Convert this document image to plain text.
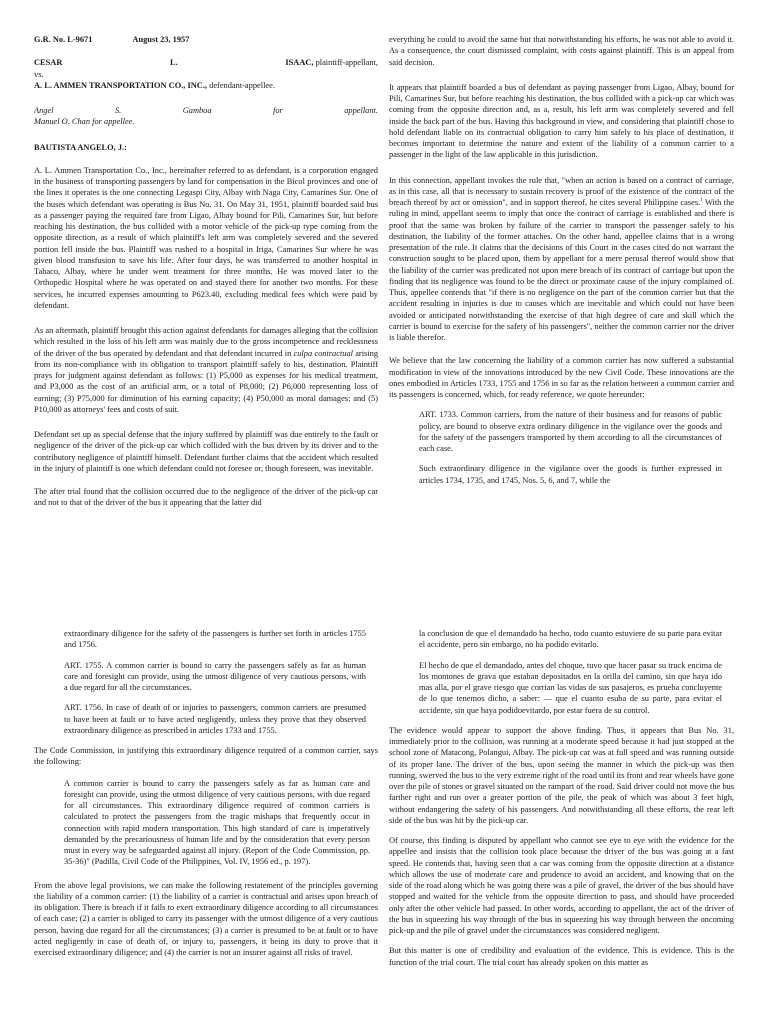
G.R. No. L-9671	August 23, 1957

CESAR	L.	ISAAC, plaintiff-appellant,

vs.

A. L. AMMEN TRANSPORTATION CO., INC., defendant-appellee.

Angel	S.	Gamboa	for	appellant.

Manuel O. Chan for appellee.

BAUTISTA ANGELO, J.:

A. L. Ammen Transportation Co., Inc., hereinafter referred to as defendant, is a corporation engaged in the business of transporting passengers by land for compensation in the Bicol provinces and one of the lines it operates is the one connecting Legaspi City, Albay with Naga City, Camarines Sur. One of the buses which defendant was operating is Bus No. 31. On May 31, 1951, plaintiff boarded said bus as a passenger paying the required fare from Ligao, Albay bound for Pili, Camarines Sur, but before reaching his destination, the bus collided with a motor vehicle of the pick-up type coming from the opposite direction, as a result of which plaintiff's left arm was completely severed and the severed portion fell inside the bus. Plaintiff was rushed to a hospital in Iriga, Camarines Sur where he was given blood transfusion to save his life. After four days, he was transferred to another hospital in Tabaco, Albay, where he under went treatment for three months. He was moved later to the Orthopedic Hospital where he was operated on and stayed there for another two months. For these services, he incurred expenses amounting to P623.40, excluding medical fees which were paid by defendant.

As an aftermath, plaintiff brought this action against defendants for damages alleging that the collision which resulted in the loss of his left arm was mainly due to the gross incompetence and recklessness of the driver of the bus operated by defendant and that defendant incurred in culpa contractual arising from its non-compliance with its obligation to transport plaintiff safely to his, destination. Plaintiff prays for judgment against defendant as follows: (1) P5,000 as expenses for his medical treatment, and P3,000 as the cost of an artificial arm, or a total of P8,000; (2) P6,000 representing loss of earning; (3) P75,000 for diminution of his earning capacity; (4) P50,000 as moral damages; and (5) P10,000 as attorneys' fees and costs of suit.

Defendant set up as special defense that the injury suffered by plaintiff was due entirely to the fault or negligence of the driver of the pick-up car which collided with the bus driven by its driver and to the contributory negligence of plaintiff himself. Defendant further claims that the accident which resulted in the injury of plaintiff is one which defendant could not foresee or, though foreseen, was inevitable.

The after trial found that the collision occurred due to the negligence of the driver of the pick-up car and not to that of the driver of the bus it appearing that the latter did

everything he could to avoid the same but that notwithstanding his efforts, he was not able to avoid it. As a consequence, the court dismissed complaint, with costs against plaintiff. This is an appeal from said decision.

It appears that plaintiff boarded a bus of defendant as paying passenger from Ligao, Albay, bound for Pili, Camarines Sur, but before reaching his destination, the bus collided with a pick-up car which was coming from the opposite direction and, as a, result, his left arm was completely severed and fell inside the back part of the bus. Having this background in view, and considering that plaintiff chose to hold defendant liable on its contractual obligation to carry him safely to his place of destination, it becomes important to determine the nature and extent of the liability of a common carrier to a passenger in the light of the law applicable in this jurisdiction.

In this connection, appellant invokes the rule that, "when an action is based on a contract of carriage, as in this case, all that is necessary to sustain recovery is proof of the existence of the contract of the breach thereof by act or omission", and in support thereof, he cites several Philippine cases.$^1$ With the ruling in mind, appellant seems to imply that once the contract of carriage is established and there is proof that the same was broken by failure of the carrier to transport the passenger safely to his destination, the liability of the former attaches. On the other hand, appellee claims that is a wrong presentation of the rule. It claims that the decisions of this Court in the cases cited do not warrant the construction sought to be placed upon, them by appellant for a mere perusal thereof would show that the liability of the carrier was predicated not upon mere breach of its contract of carriage but upon the finding that its negligence was found to be the direct or proximate cause of the injury complained of. Thus, appellee contends that "if there is no negligence on the part of the common carrier but that the accident resulting in injuries is due to causes which are inevitable and which could not have been avoided or anticipated notwithstanding the exercise of that high degree of care and skill which the carrier is bound to exercise for the safety of his passengers", neither the common carrier nor the driver is liable therefor.

We believe that the law concerning the liability of a common carrier has now suffered a substantial modification in view of the innovations introduced by the new Civil Code. These innovations are the ones embodied in Articles 1733, 1755 and 1756 in so far as the relation between a common carrier and its passengers is concerned, which, for ready reference, we quote hereunder:

ART. 1733. Common carriers, from the nature of their business and for reasons of public policy, are bound to observe extra ordinary diligence in the vigilance over the goods and for the safety of the passengers transported by them according to all the circumstances of each case.

Such extraordinary diligence in the vigilance over the goods is further expressed in articles 1734, 1735, and 1745, Nos. 5, 6, and 7, while the

extraordinary diligence for the safety of the passengers is further set forth in articles 1755 and 1756.

ART. 1755. A common carrier is bound to carry the passengers safely as far as human care and foresight can provide, using the utmost diligence of very cautious persons, with a due regard for all the circumstances.

ART. 1756. In case of death of or injuries to passengers, common carriers are presumed to have been at fault or to have acted negligently, unless they prove that they observed extraordinary diligence as prescribed in articles 1733 and 1755.

The Code Commission, in justifying this extraordinary diligence required of a common carrier, says the following:

A common carrier is bound to carry the passengers safely as far as human care and foresight can provide, using the utmost diligence of very cautious persons, with due regard for all circumstances. This extraordinary diligence required of common carriers is calculated to protect the passengers from the tragic mishaps that frequently occur in connection with rapid modern transportation. This high standard of care is imperatively demanded by the precariousness of human life and by the consideration that every person must in every way be safeguarded against all injury. (Report of the Code Commission, pp. 35-36)" (Padilla, Civil Code of the Philippines, Vol. IV, 1956 ed., p. 197).

From the above legal provisions, we can make the following restatement of the principles governing the liability of a common carrier: (1) the liability of a carrier is contractual and arises upon breach of its obligation. There is breach if it fails to exert extraordinary diligence according to all circumstances of each case; (2) a carrier is obliged to carry its passenger with the utmost diligence of a very cautious person, having due regard for all the circumstances; (3) a carrier is presumed to be at fault or to have acted negligently in case of death of, or injury to, passengers, it being its duty to prove that it exercised extraordinary diligence; and (4) the carrier is not an insurer against all risks of travel.

la conclusion de que el demandado ha hecho, todo cuanto estuviere de su parte para evitar el accidente, pero sin embargo, no ha podido evitarlo.

El hecho de que el demandado, antes del choque, tuvo que hacer pasar su truck encima de los montones de grava que estaban depositados en la orilla del camino, sin que haya ido mas alla, por el grave riesgo que corrian las vidas de sus pasajeros, es prueba concluyente de lo que tenemos dicho, a saber: — que el cuanto esuba de su parte, para evitar el accidente, sin que haya podidoevitardo, por estar fuera de su control.

The evidence would appear to support the above finding. Thus, it appears that Bus No. 31, immediately prior to the collision, was running at a moderate speed because it had just stopped at the school zone of Matacong, Polangui, Albay. The pick-up car was at full speed and was running outside of its proper lane. The driver of the bus, upon seeing the manner in which the pick-up was then running, swerved the bus to the very extreme right of the road until its front and rear wheels have gone over the pile of stones or gravel situated on the rampart of the road. Said driver could not move the bus farther right and run over a greater portion of the pile, the peak of which was about 3 feet high, without endangering the safety of his passengers. And notwithstanding all these efforts, the rear left side of the bus was hit by the pick-up car.

Of course, this finding is disputed by appellant who cannot see eye to eye with the evidence for the appellee and insists that the collision took place because the driver of the bus was going at a fast speed. He contends that, having seen that a car was coming from the opposite direction at a distance which allows the use of moderate care and prudence to avoid an accident, and knowing that on the side of the road along which he was going there was a pile of gravel, the driver of the bus should have stopped and waited for the vehicle from the opposite direction to pass, and should have proceeded only after the other vehicle had passed. In other words, according to appellant, the act of the driver of the bus in squeezing his way through of the bus in squeezing his way through between the oncoming pick-up and the pile of gravel under the circumstances was considered negligent.

But this matter is one of credibility and evaluation of the evidence. This is evidence. This is the function of the trial court. The trial court has already spoken on this matter as
